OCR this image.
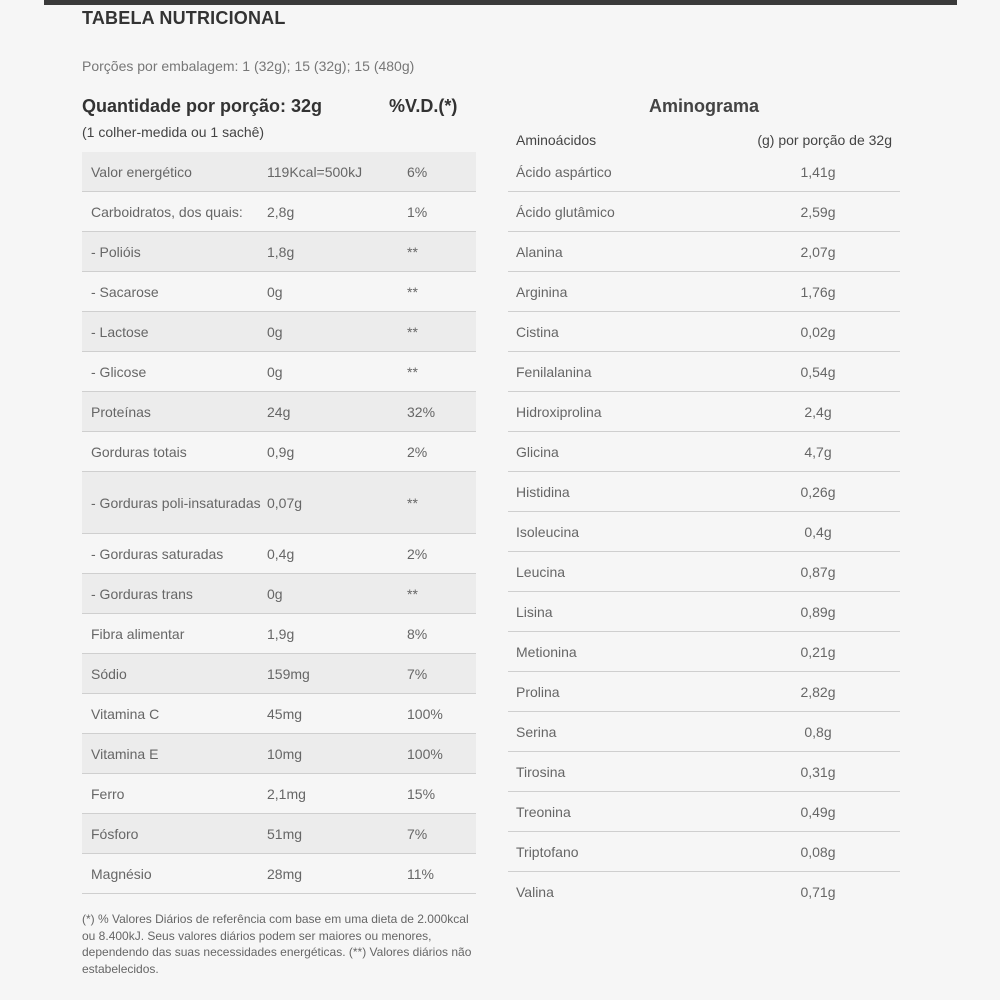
TABELA NUTRICIONAL
Porções por embalagem: 1 (32g); 15 (32g); 15 (480g)
Quantidade por porção: 32g	%V.D.(*)
(1 colher-medida ou 1 sachê)
Valor energético	119Kcal=500kJ	6%
Carboidratos, dos quais:	2,8g	1%
- Polióis	1,8g	**
- Sacarose	0g	**
- Lactose	0g	**
- Glicose	0g	**
Proteínas	24g	32%
Gorduras totais	0,9g	2%
- Gorduras poli-insaturadas 0,07g	**
- Gorduras saturadas	0,4g	2%
- Gorduras trans	0g	**
Fibra alimentar	1,9g	8%
Sódio	159mg	7%
Vitamina C	45mg	100%
Vitamina E	10mg	100%
Ferro	2,1mg	15%
Fósforo	51mg	7%
Magnésio	28mg	11%
Aminograma
Aminoácidos	(g) por porção de 32g
Ácido aspártico	1,41g
Ácido glutâmico	2,59g
Alanina	2,07g
Arginina	1,76g
Cistina	0,02g
Fenilalanina	0,54g
Hidroxiprolina	2,4g
Glicina	4,7g
Histidina	0,26g
Isoleucina	0,4g
Leucina	0,87g
Lisina	0,89g
Metionina	0,21g
Prolina	2,82g
Serina	0,8g
Tirosina	0,31g
Treonina	0,49g
Triptofano	0,08g
Valina	0,71g
(*) % Valores Diários de referência com base em uma dieta de 2.000kcal ou 8.400kJ. Seus valores diários podem ser maiores ou menores, dependendo das suas necessidades energéticas. (**) Valores diários não estabelecidos.
